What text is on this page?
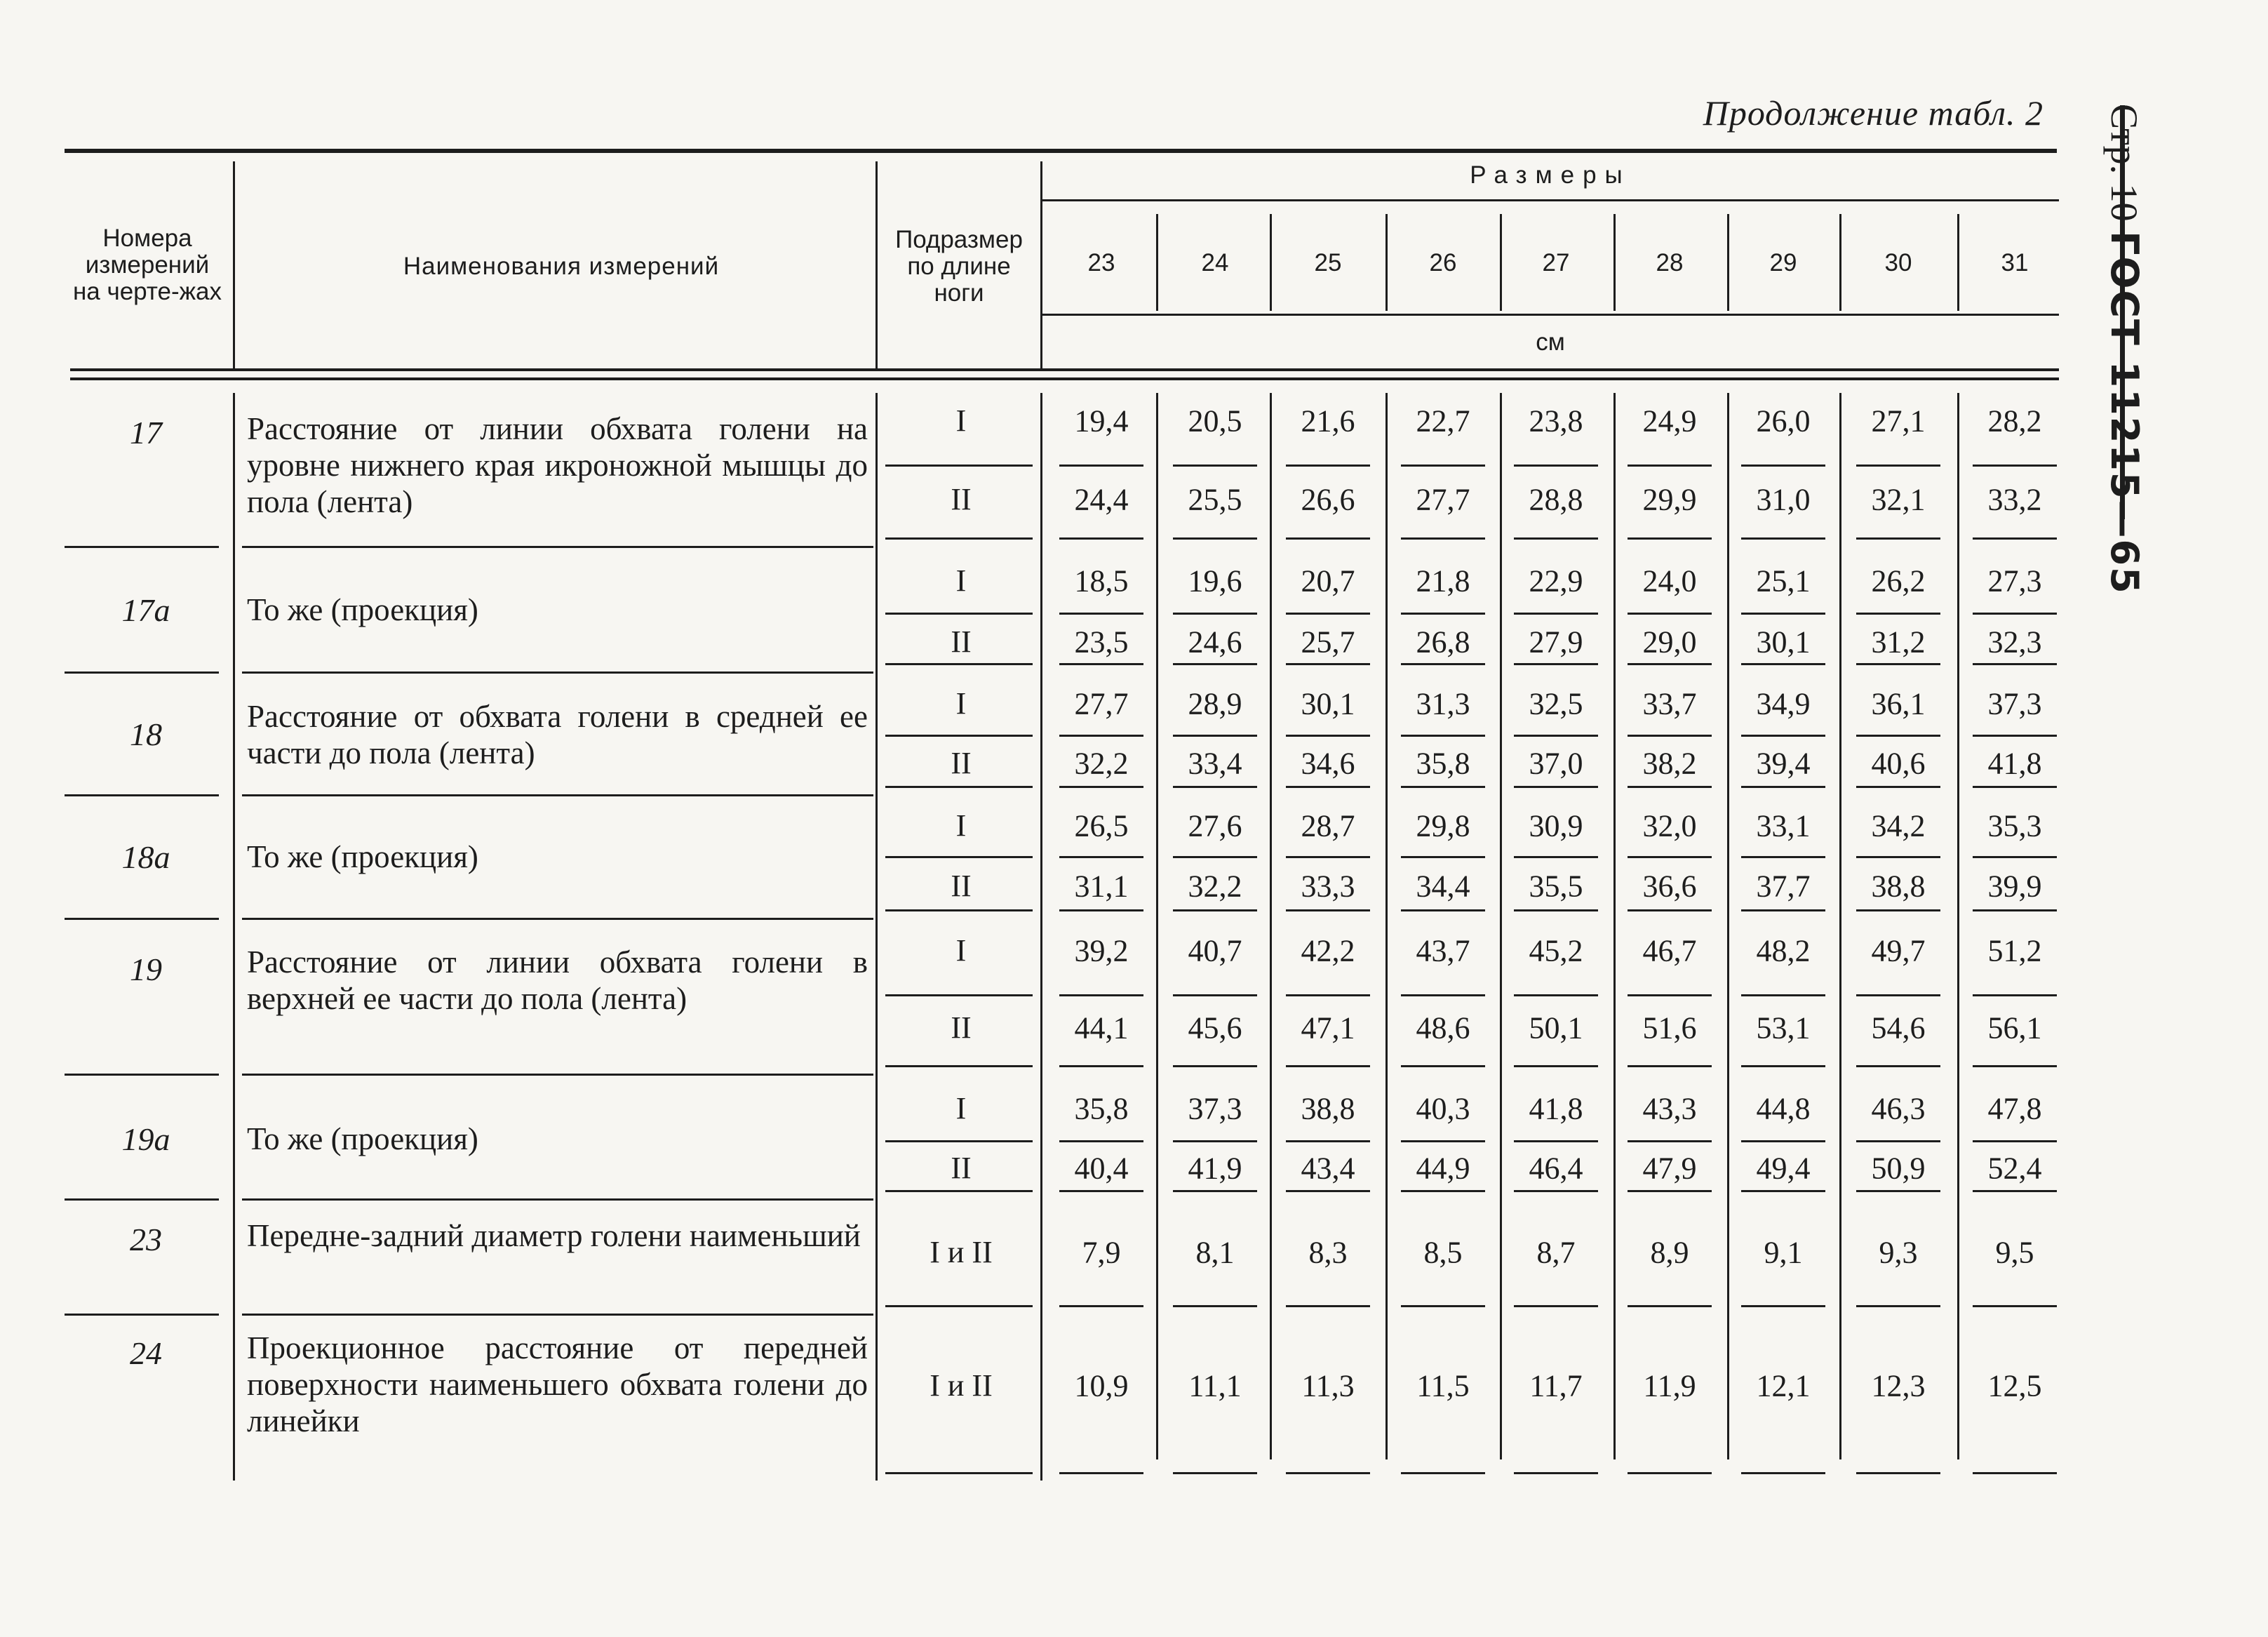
Продолжение табл. 2 Стр. 10 ГОСТ 11215—65
Номера измерений на черте-жах
Наименования измерений
Подразмер по длине ноги
Размеры
см
23	24	25	26	27	28	29	30	31
17	Расстояние от линии обхвата голени на уровне нижнего края икроножной мышцы до пола (лента)
I	19,4	20,5	21,6	22,7	23,8	24,9	26,0	27,1	28,2
II	24,4	25,5	26,6	27,7	28,8	29,9	31,0	32,1	33,2
17а	То же (проекция)
I	18,5	19,6	20,7	21,8	22,9	24,0	25,1	26,2	27,3
II	23,5	24,6	25,7	26,8	27,9	29,0	30,1	31,2	32,3
18	Расстояние от обхвата голени в средней ее части до пола (лента)
I	27,7	28,9	30,1	31,3	32,5	33,7	34,9	36,1	37,3
II	32,2	33,4	34,6	35,8	37,0	38,2	39,4	40,6	41,8
18а	То же (проекция)
I	26,5	27,6	28,7	29,8	30,9	32,0	33,1	34,2	35,3
II	31,1	32,2	33,3	34,4	35,5	36,6	37,7	38,8	39,9
19	Расстояние от линии обхвата голени в верхней ее части до пола (лента)
I	39,2	40,7	42,2	43,7	45,2	46,7	48,2	49,7	51,2
II	44,1	45,6	47,1	48,6	50,1	51,6	53,1	54,6	56,1
19а	То же (проекция)
I	35,8	37,3	38,8	40,3	41,8	43,3	44,8	46,3	47,8
II	40,4	41,9	43,4	44,9	46,4	47,9	49,4	50,9	52,4
23	Передне-задний диаметр голени наименьший	I и II	7,9	8,1	8,3	8,5	8,7	8,9	9,1	9,3	9,5
24	Проекционное расстояние от передней поверхности наименьшего обхвата голени до линейки
I и II	10,9	11,1	11,3	11,5	11,7	11,9	12,1	12,3	12,5
